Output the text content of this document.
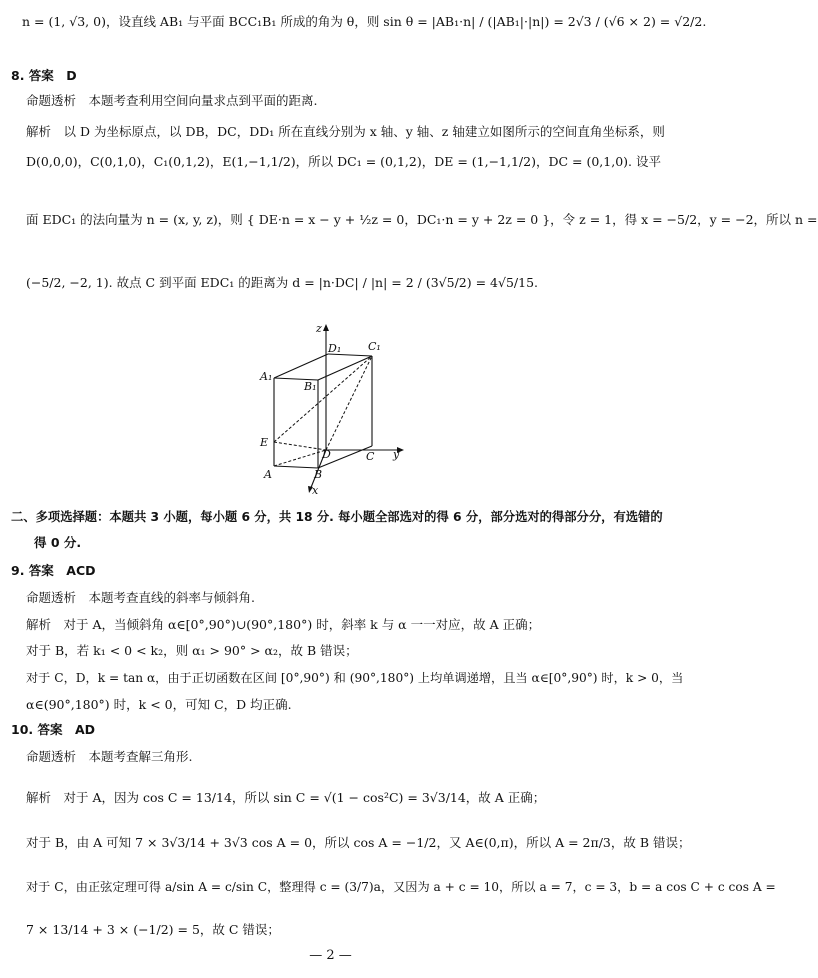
n = (1, √3, 0)，设直线 AB₁ 与平面 BCC₁B₁ 所成的角为 θ，则 sin θ = |AB₁·n| / (|AB₁|·|n|) = 2√3 / (√6 × 2) = √2/2.
8. 答案　D
命题透析　本题考查利用空间向量求点到平面的距离.
解析　以 D 为坐标原点，以 DB，DC，DD₁ 所在直线分别为 x 轴、y 轴、z 轴建立如图所示的空间直角坐标系，则
D(0,0,0)，C(0,1,0)，C₁(0,1,2)，E(1,−1,1/2)，所以 DC₁ = (0,1,2)，DE = (1,−1,1/2)，DC = (0,1,0). 设平
面 EDC₁ 的法向量为 n = (x, y, z)，则 { DE·n = x − y + ½z = 0，DC₁·n = y + 2z = 0 }，令 z = 1，得 x = −5/2，y = −2，所以 n =
(−5/2, −2, 1). 故点 C 到平面 EDC₁ 的距离为 d = |n·DC| / |n| = 2 / (3√5/2) = 4√5/15.
z
D₁ C₁
A₁
B₁
E
D	C y
A	B
x
二、多项选择题：本题共 3 小题，每小题 6 分，共 18 分. 每小题全部选对的得 6 分，部分选对的得部分分，有选错的
得 0 分.
9. 答案　ACD
命题透析　本题考查直线的斜率与倾斜角.
解析　对于 A，当倾斜角 α∈[0°,90°)∪(90°,180°) 时，斜率 k 与 α 一一对应，故 A 正确；
对于 B，若 k₁ < 0 < k₂，则 α₁ > 90° > α₂，故 B 错误；
对于 C，D，k = tan α，由于正切函数在区间 [0°,90°) 和 (90°,180°) 上均单调递增，且当 α∈[0°,90°) 时，k > 0，当
α∈(90°,180°) 时，k < 0，可知 C，D 均正确.
10. 答案　AD
命题透析　本题考查解三角形.
解析　对于 A，因为 cos C = 13/14，所以 sin C = √(1 − cos²C) = 3√3/14，故 A 正确；
对于 B，由 A 可知 7 × 3√3/14 + 3√3 cos A = 0，所以 cos A = −1/2，又 A∈(0,π)，所以 A = 2π/3，故 B 错误；
对于 C，由正弦定理可得 a/sin A = c/sin C，整理得 c = (3/7)a，又因为 a + c = 10，所以 a = 7，c = 3，b = a cos C + c cos A =
7 × 13/14 + 3 × (−1/2) = 5，故 C 错误；
— 2 —
